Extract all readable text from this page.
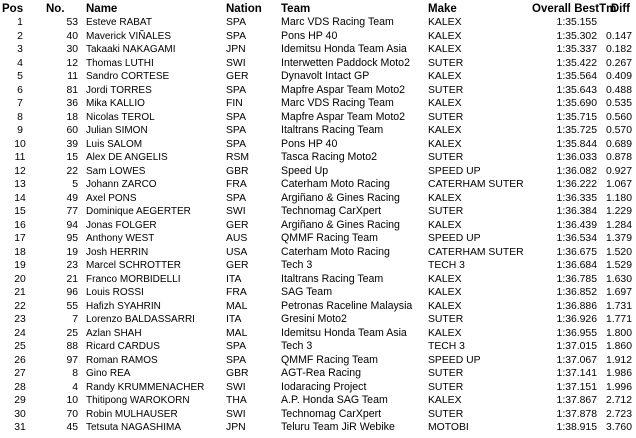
Pos	No.	Name	Nation	Team	Make	Overall BestTm	Diff
1	53	Esteve RABAT	SPA	Marc VDS Racing Team	KALEX	1:35.155	
2	40	Maverick VIÑALES	SPA	Pons HP 40	KALEX	1:35.302	0.147
3	30	Takaaki NAKAGAMI	JPN	Idemitsu Honda Team Asia	KALEX	1:35.337	0.182
4	12	Thomas LUTHI	SWI	Interwetten Paddock Moto2	SUTER	1:35.422	0.267
5	11	Sandro CORTESE	GER	Dynavolt Intact GP	KALEX	1:35.564	0.409
6	81	Jordi TORRES	SPA	Mapfre Aspar Team Moto2	SUTER	1:35.643	0.488
7	36	Mika KALLIO	FIN	Marc VDS Racing Team	KALEX	1:35.690	0.535
8	18	Nicolas TEROL	SPA	Mapfre Aspar Team Moto2	SUTER	1:35.715	0.560
9	60	Julian SIMON	SPA	Italtrans Racing Team	KALEX	1:35.725	0.570
10	39	Luis SALOM	SPA	Pons HP 40	KALEX	1:35.844	0.689
11	15	Alex DE ANGELIS	RSM	Tasca Racing Moto2	SUTER	1:36.033	0.878
12	22	Sam LOWES	GBR	Speed Up	SPEED UP	1:36.082	0.927
13	5	Johann ZARCO	FRA	Caterham Moto Racing	CATERHAM SUTER	1:36.222	1.067
14	49	Axel PONS	SPA	Argiñano & Gines Racing	KALEX	1:36.335	1.180
15	77	Dominique AEGERTER	SWI	Technomag CarXpert	SUTER	1:36.384	1.229
16	94	Jonas FOLGER	GER	Argiñano & Gines Racing	KALEX	1:36.439	1.284
17	95	Anthony WEST	AUS	QMMF Racing Team	SPEED UP	1:36.534	1.379
18	19	Josh HERRIN	USA	Caterham Moto Racing	CATERHAM SUTER	1:36.675	1.520
19	23	Marcel SCHROTTER	GER	Tech 3	TECH 3	1:36.684	1.529
20	21	Franco MORBIDELLI	ITA	Italtrans Racing Team	KALEX	1:36.785	1.630
21	96	Louis ROSSI	FRA	SAG Team	KALEX	1:36.852	1.697
22	55	Hafizh SYAHRIN	MAL	Petronas Raceline Malaysia	KALEX	1:36.886	1.731
23	7	Lorenzo BALDASSARRI	ITA	Gresini Moto2	SUTER	1:36.926	1.771
24	25	Azlan SHAH	MAL	Idemitsu Honda Team Asia	KALEX	1:36.955	1.800
25	88	Ricard CARDUS	SPA	Tech 3	TECH 3	1:37.015	1.860
26	97	Roman RAMOS	SPA	QMMF Racing Team	SPEED UP	1:37.067	1.912
27	8	Gino REA	GBR	AGT-Rea Racing	SUTER	1:37.141	1.986
28	4	Randy KRUMMENACHER	SWI	Iodaracing Project	SUTER	1:37.151	1.996
29	10	Thitipong WAROKORN	THA	A.P. Honda SAG Team	KALEX	1:37.867	2.712
30	70	Robin MULHAUSER	SWI	Technomag CarXpert	SUTER	1:37.878	2.723
31	45	Tetsuta NAGASHIMA	JPN	Teluru Team JiR Webike	MOTOBI	1:38.915	3.760
